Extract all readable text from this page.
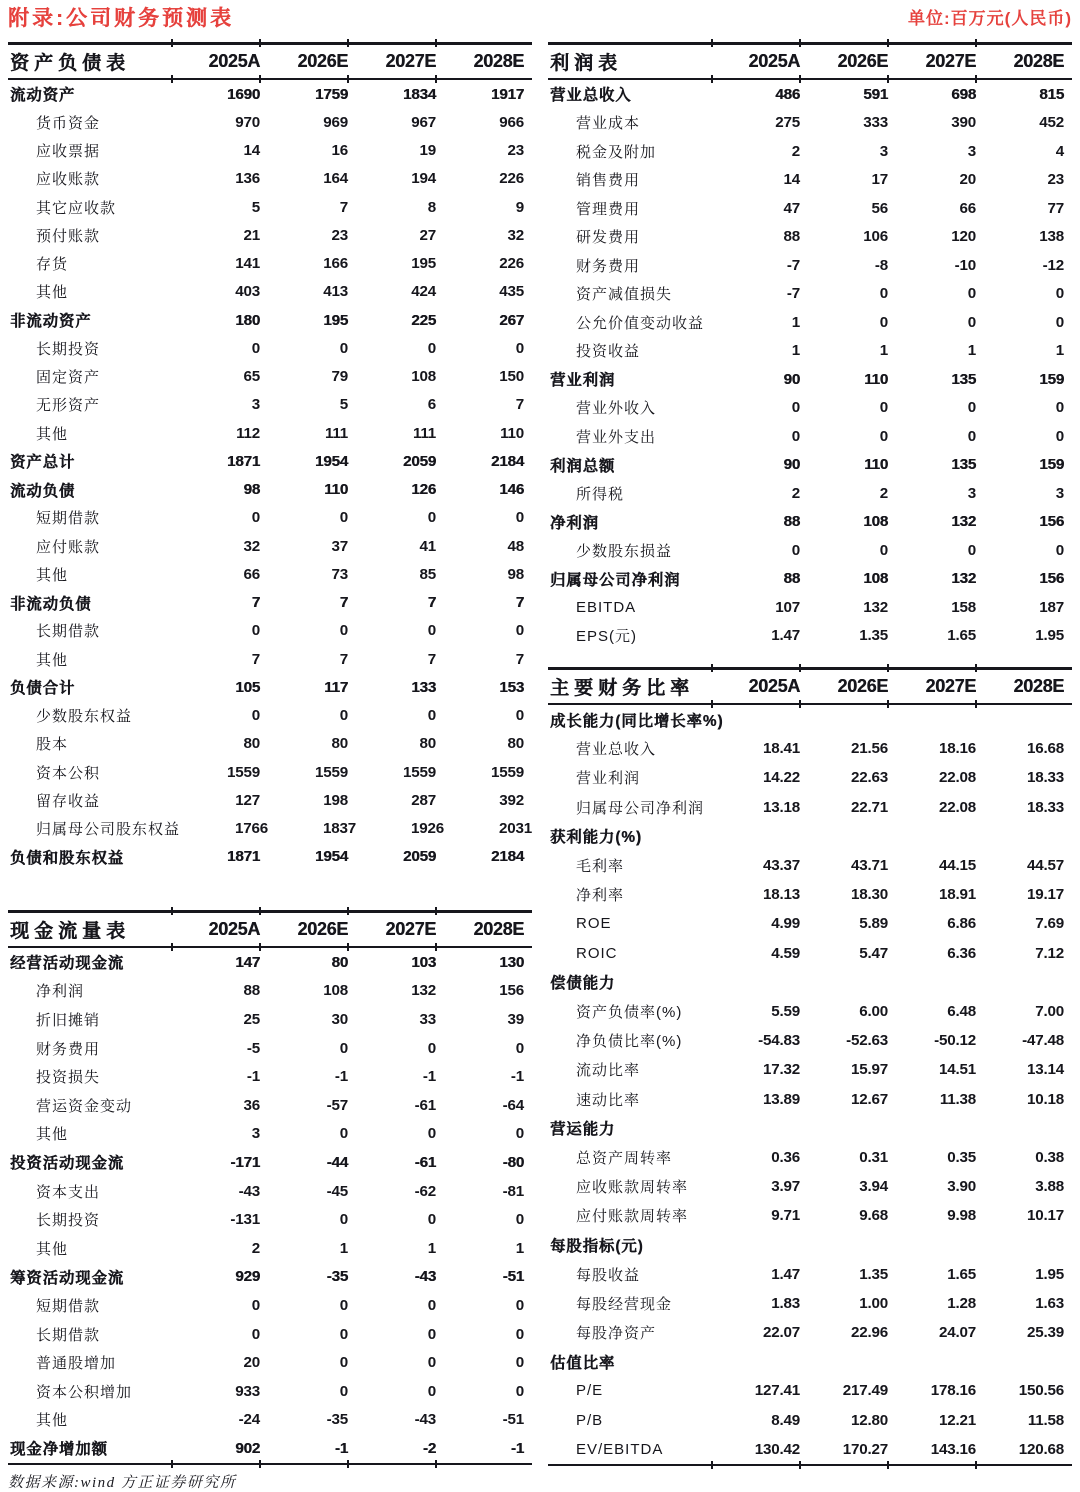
附录:公司财务预测表
资产负债表	2025A	2026E	2027E	2028E
流动资产	1690	1759	1834	1917
货币资金	970	969	967	966
应收票据	14	16	19	23
应收账款	136	164	194	226
其它应收款	5	7	8	9
预付账款	21	23	27	32
存货	141	166	195	226
其他	403	413	424	435
非流动资产	180	195	225	267
长期投资	0	0	0	0
固定资产	65	79	108	150
无形资产	3	5	6	7
其他	112	111	111	110
资产总计	1871	1954	2059	2184
流动负债	98	110	126	146
短期借款	0	0	0	0
应付账款	32	37	41	48
其他	66	73	85	98
非流动负债	7	7	7	7
长期借款	0	0	0	0
其他	7	7	7	7
负债合计	105	117	133	153
少数股东权益	0	0	0	0
股本	80	80	80	80
资本公积	1559	1559	1559	1559
留存收益	127	198	287	392
归属母公司股东权益	1766	1837	1926	2031
负债和股东权益	1871	1954	2059	2184
现金流量表	2025A	2026E	2027E	2028E
经营活动现金流	147	80	103	130
净利润	88	108	132	156
折旧摊销	25	30	33	39
财务费用	-5	0	0	0
投资损失	-1	-1	-1	-1
营运资金变动	36	-57	-61	-64
其他	3	0	0	0
投资活动现金流	-171	-44	-61	-80
资本支出	-43	-45	-62	-81
长期投资	-131	0	0	0
其他	2	1	1	1
筹资活动现金流	929	-35	-43	-51
短期借款	0	0	0	0
长期借款	0	0	0	0
普通股增加	20	0	0	0
资本公积增加	933	0	0	0
其他	-24	-35	-43	-51
现金净增加额	902	-1	-2	-1
数据来源:wind 方正证券研究所
单位:百万元(人民币)
利润表	2025A	2026E	2027E	2028E
营业总收入	486	591	698	815
营业成本	275	333	390	452
税金及附加	2	3	3	4
销售费用	14	17	20	23
管理费用	47	56	66	77
研发费用	88	106	120	138
财务费用	-7	-8	-10	-12
资产减值损失	-7	0	0	0
公允价值变动收益	1	0	0	0
投资收益	1	1	1	1
营业利润	90	110	135	159
营业外收入	0	0	0	0
营业外支出	0	0	0	0
利润总额	90	110	135	159
所得税	2	2	3	3
净利润	88	108	132	156
少数股东损益	0	0	0	0
归属母公司净利润	88	108	132	156
EBITDA	107	132	158	187
EPS(元)	1.47	1.35	1.65	1.95
主要财务比率	2025A	2026E	2027E	2028E
成长能力(同比增长率%)
营业总收入	18.41	21.56	18.16	16.68
营业利润	14.22	22.63	22.08	18.33
归属母公司净利润	13.18	22.71	22.08	18.33
获利能力(%)
毛利率	43.37	43.71	44.15	44.57
净利率	18.13	18.30	18.91	19.17
ROE	4.99	5.89	6.86	7.69
ROIC	4.59	5.47	6.36	7.12
偿债能力
资产负债率(%)	5.59	6.00	6.48	7.00
净负债比率(%)	-54.83	-52.63	-50.12	-47.48
流动比率	17.32	15.97	14.51	13.14
速动比率	13.89	12.67	11.38	10.18
营运能力
总资产周转率	0.36	0.31	0.35	0.38
应收账款周转率	3.97	3.94	3.90	3.88
应付账款周转率	9.71	9.68	9.98	10.17
每股指标(元)
每股收益	1.47	1.35	1.65	1.95
每股经营现金	1.83	1.00	1.28	1.63
每股净资产	22.07	22.96	24.07	25.39
估值比率
P/E	127.41	217.49	178.16	150.56
P/B	8.49	12.80	12.21	11.58
EV/EBITDA	130.42	170.27	143.16	120.68
